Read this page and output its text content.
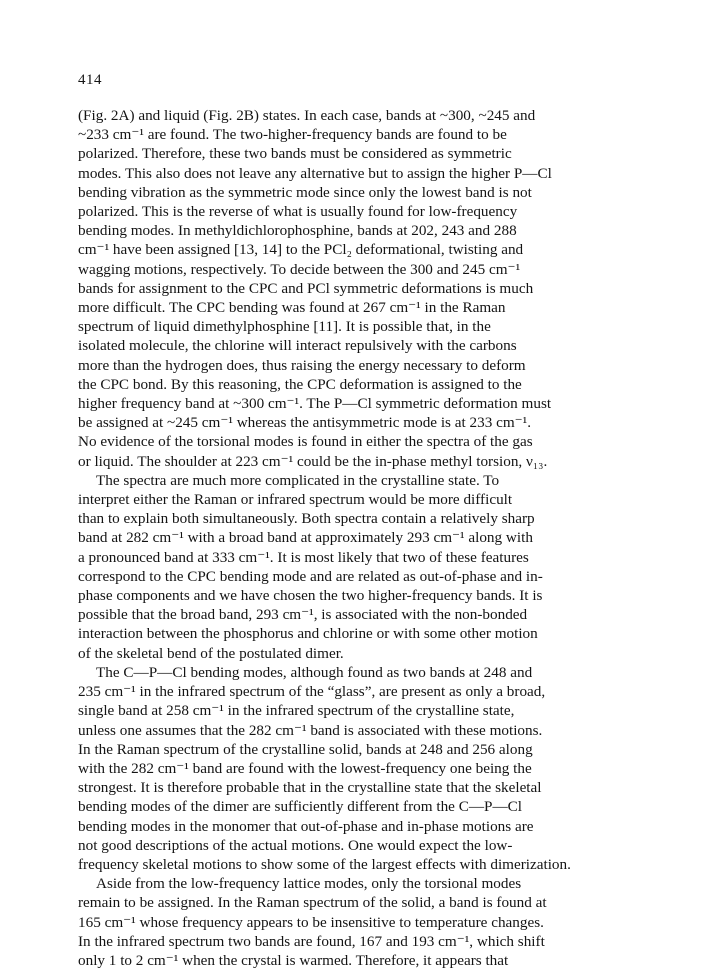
414
(Fig. 2A) and liquid (Fig. 2B) states. In each case, bands at ~300, ~245 and
~233 cm⁻¹ are found. The two-higher-frequency bands are found to be
polarized. Therefore, these two bands must be considered as symmetric
modes. This also does not leave any alternative but to assign the higher P—Cl
bending vibration as the symmetric mode since only the lowest band is not
polarized. This is the reverse of what is usually found for low-frequency
bending modes. In methyldichlorophosphine, bands at 202, 243 and 288
cm⁻¹ have been assigned [13, 14] to the PCl₂ deformational, twisting and
wagging motions, respectively. To decide between the 300 and 245 cm⁻¹
bands for assignment to the CPC and PCl symmetric deformations is much
more difficult. The CPC bending was found at 267 cm⁻¹ in the Raman
spectrum of liquid dimethylphosphine [11]. It is possible that, in the
isolated molecule, the chlorine will interact repulsively with the carbons
more than the hydrogen does, thus raising the energy necessary to deform
the CPC bond. By this reasoning, the CPC deformation is assigned to the
higher frequency band at ~300 cm⁻¹. The P—Cl symmetric deformation must
be assigned at ~245 cm⁻¹ whereas the antisymmetric mode is at 233 cm⁻¹.
No evidence of the torsional modes is found in either the spectra of the gas
or liquid. The shoulder at 223 cm⁻¹ could be the in-phase methyl torsion, ν₁₃.
The spectra are much more complicated in the crystalline state. To
interpret either the Raman or infrared spectrum would be more difficult
than to explain both simultaneously. Both spectra contain a relatively sharp
band at 282 cm⁻¹ with a broad band at approximately 293 cm⁻¹ along with
a pronounced band at 333 cm⁻¹. It is most likely that two of these features
correspond to the CPC bending mode and are related as out-of-phase and in-
phase components and we have chosen the two higher-frequency bands. It is
possible that the broad band, 293 cm⁻¹, is associated with the non-bonded
interaction between the phosphorus and chlorine or with some other motion
of the skeletal bend of the postulated dimer.
The C—P—Cl bending modes, although found as two bands at 248 and
235 cm⁻¹ in the infrared spectrum of the “glass”, are present as only a broad,
single band at 258 cm⁻¹ in the infrared spectrum of the crystalline state,
unless one assumes that the 282 cm⁻¹ band is associated with these motions.
In the Raman spectrum of the crystalline solid, bands at 248 and 256 along
with the 282 cm⁻¹ band are found with the lowest-frequency one being the
strongest. It is therefore probable that in the crystalline state that the skeletal
bending modes of the dimer are sufficiently different from the C—P—Cl
bending modes in the monomer that out-of-phase and in-phase motions are
not good descriptions of the actual motions. One would expect the low-
frequency skeletal motions to show some of the largest effects with dimerization.
Aside from the low-frequency lattice modes, only the torsional modes
remain to be assigned. In the Raman spectrum of the solid, a band is found at
165 cm⁻¹ whose frequency appears to be insensitive to temperature changes.
In the infrared spectrum two bands are found, 167 and 193 cm⁻¹, which shift
only 1 to 2 cm⁻¹ when the crystal is warmed. Therefore, it appears that
